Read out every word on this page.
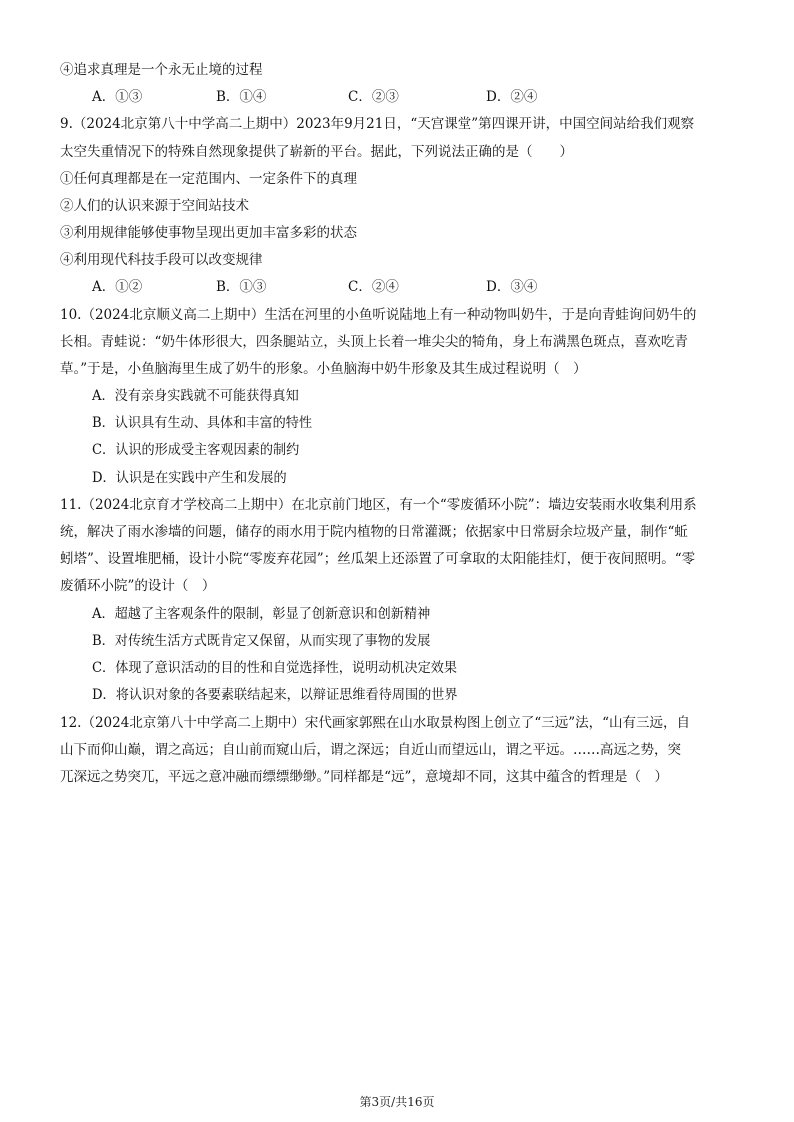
④追求真理是一个永无止境的过程
A．①③	B．①④	C．②③	D．②④
9.（2024北京第八十中学高二上期中）2023年9月21日，“天宫课堂”第四课开讲，中国空间站给我们观察
太空失重情况下的特殊自然现象提供了崭新的平台。据此，下列说法正确的是（　　）
①任何真理都是在一定范围内、一定条件下的真理
②人们的认识来源于空间站技术
③利用规律能够使事物呈现出更加丰富多彩的状态
④利用现代科技手段可以改变规律
A．①②	B．①③	C．②④	D．③④
10.（2024北京顺义高二上期中）生活在河里的小鱼听说陆地上有一种动物叫奶牛，于是向青蛙询问奶牛的
长相。青蛙说：“奶牛体形很大，四条腿站立，头顶上长着一堆尖尖的犄角，身上布满黑色斑点，喜欢吃青
草。”于是，小鱼脑海里生成了奶牛的形象。小鱼脑海中奶牛形象及其生成过程说明（　）
A．没有亲身实践就不可能获得真知
B．认识具有生动、具体和丰富的特性
C．认识的形成受主客观因素的制约
D．认识是在实践中产生和发展的
11.（2024北京育才学校高二上期中）在北京前门地区，有一个“零废循环小院”：墙边安装雨水收集利用系
统，解决了雨水渗墙的问题，储存的雨水用于院内植物的日常灌溉；依据家中日常厨余垃圾产量，制作“蚯
蚓塔”、设置堆肥桶，设计小院“零废弃花园”；丝瓜架上还添置了可拿取的太阳能挂灯，便于夜间照明。“零
废循环小院”的设计（　）
A．超越了主客观条件的限制，彰显了创新意识和创新精神
B．对传统生活方式既肯定又保留，从而实现了事物的发展
C．体现了意识活动的目的性和自觉选择性，说明动机决定效果
D．将认识对象的各要素联结起来，以辩证思维看待周围的世界
12.（2024北京第八十中学高二上期中）宋代画家郭熙在山水取景构图上创立了“三远”法，“山有三远，自
山下而仰山巅，谓之高远；自山前而窥山后，谓之深远；自近山而望远山，谓之平远。……高远之势，突
兀深远之势突兀，平远之意冲融而缥缥缈缈。”同样都是“远”，意境却不同，这其中蕴含的哲理是（　）
第3页/共16页
